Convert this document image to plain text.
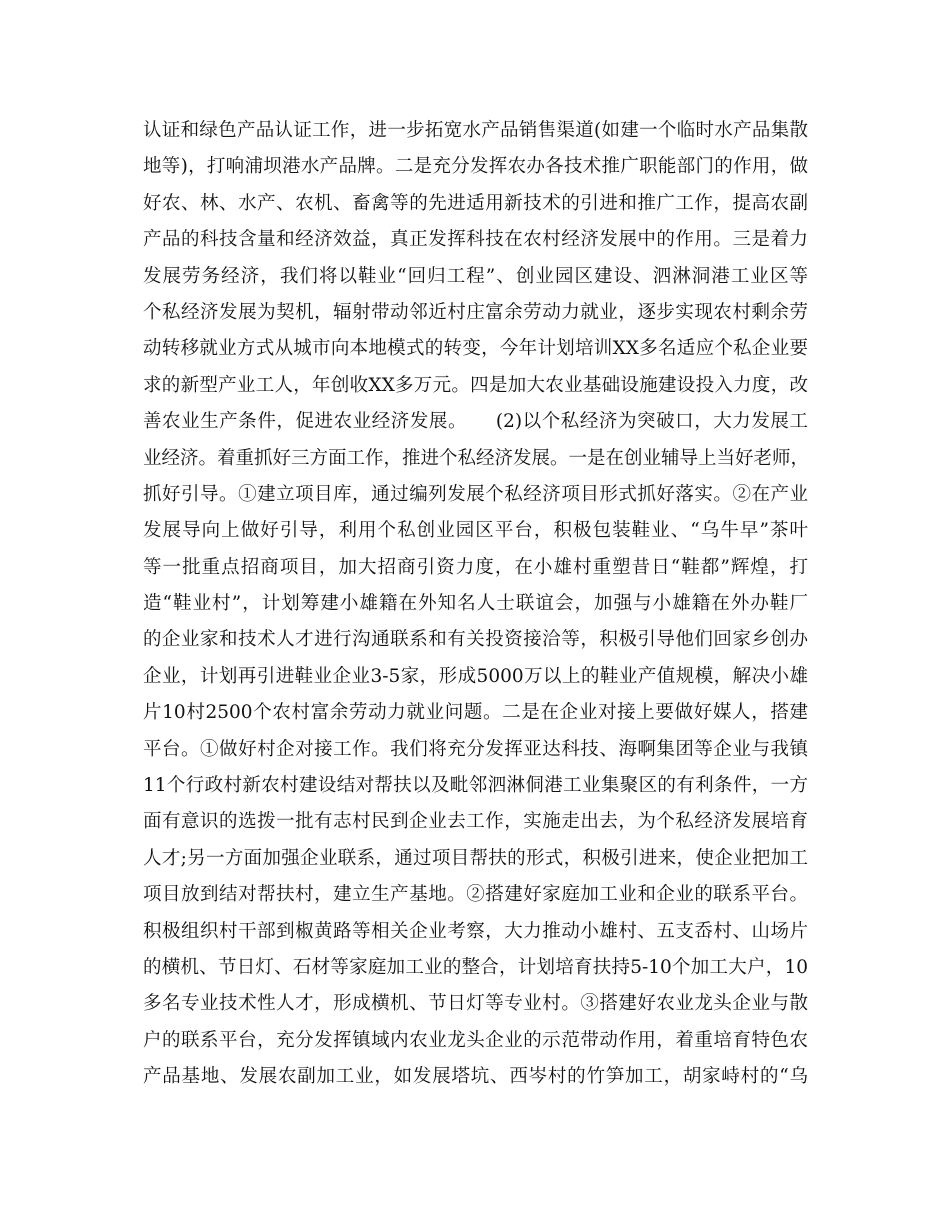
认证和绿色产品认证工作，进一步拓宽水产品销售渠道(如建一个临时水产品集散
地等)，打响浦坝港水产品牌。二是充分发挥农办各技术推广职能部门的作用，做
好农、林、水产、农机、畜禽等的先进适用新技术的引进和推广工作，提高农副
产品的科技含量和经济效益，真正发挥科技在农村经济发展中的作用。三是着力
发展劳务经济，我们将以鞋业“回归工程”、创业园区建设、泗淋洞港工业区等
个私经济发展为契机，辐射带动邻近村庄富余劳动力就业，逐步实现农村剩余劳
动转移就业方式从城市向本地模式的转变，今年计划培训XX多名适应个私企业要
求的新型产业工人，年创收XX多万元。四是加大农业基础设施建设投入力度，改
善农业生产条件，促进农业经济发展。　　(2)以个私经济为突破口，大力发展工
业经济。着重抓好三方面工作，推进个私经济发展。一是在创业辅导上当好老师，
抓好引导。①建立项目库，通过编列发展个私经济项目形式抓好落实。②在产业
发展导向上做好引导，利用个私创业园区平台，积极包装鞋业、“乌牛早”茶叶
等一批重点招商项目，加大招商引资力度，在小雄村重塑昔日“鞋都”辉煌，打
造“鞋业村”，计划筹建小雄籍在外知名人士联谊会，加强与小雄籍在外办鞋厂
的企业家和技术人才进行沟通联系和有关投资接洽等，积极引导他们回家乡创办
企业，计划再引进鞋业企业3-5家，形成5000万以上的鞋业产值规模，解决小雄
片10村2500个农村富余劳动力就业问题。二是在企业对接上要做好媒人，搭建
平台。①做好村企对接工作。我们将充分发挥亚达科技、海啊集团等企业与我镇
11个行政村新农村建设结对帮扶以及毗邻泗淋侗港工业集聚区的有利条件，一方
面有意识的选拨一批有志村民到企业去工作，实施走出去，为个私经济发展培育
人才;另一方面加强企业联系，通过项目帮扶的形式，积极引进来，使企业把加工
项目放到结对帮扶村，建立生产基地。②搭建好家庭加工业和企业的联系平台。
积极组织村干部到椒黄路等相关企业考察，大力推动小雄村、五支岙村、山场片
的横机、节日灯、石材等家庭加工业的整合，计划培育扶持5-10个加工大户，10
多名专业技术性人才，形成横机、节日灯等专业村。③搭建好农业龙头企业与散
户的联系平台，充分发挥镇域内农业龙头企业的示范带动作用，着重培育特色农
产品基地、发展农副加工业，如发展塔坑、西岑村的竹笋加工，胡家峙村的“乌
